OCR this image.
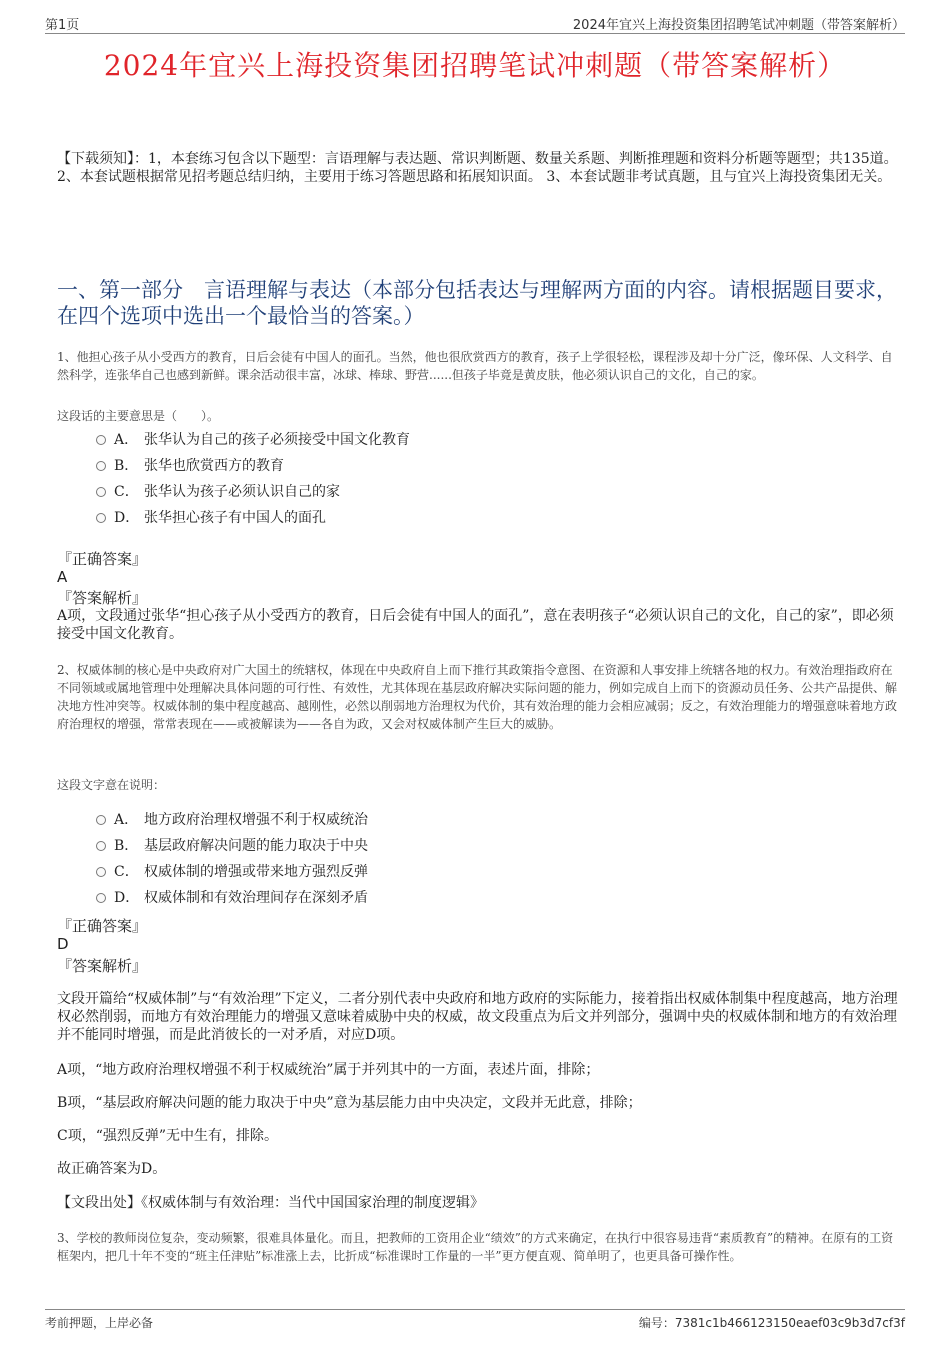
第1页	2024年宜兴上海投资集团招聘笔试冲刺题（带答案解析）
2024年宜兴上海投资集团招聘笔试冲刺题（带答案解析）
【下载须知】：1，本套练习包含以下题型：言语理解与表达题、常识判断题、数量关系题、判断推理题和资料分析题等题型；共135道。 2、本套试题根据常见招考题总结归纳，主要用于练习答题思路和拓展知识面。 3、本套试题非考试真题，且与宜兴上海投资集团无关。
一、第一部分　言语理解与表达（本部分包括表达与理解两方面的内容。请根据题目要求，在四个选项中选出一个最恰当的答案。）
1、他担心孩子从小受西方的教育，日后会徒有中国人的面孔。当然，他也很欣赏西方的教育，孩子上学很轻松，课程涉及却十分广泛，像环保、人文科学、自然科学，连张华自己也感到新鲜。课余活动很丰富，冰球、棒球、野营......但孩子毕竟是黄皮肤，他必须认识自己的文化，自己的家。
这段话的主要意思是（　　）。
A． 张华认为自己的孩子必须接受中国文化教育
B． 张华也欣赏西方的教育
C． 张华认为孩子必须认识自己的家
D． 张华担心孩子有中国人的面孔
『正确答案』
A
『答案解析』
A项，文段通过张华“担心孩子从小受西方的教育，日后会徒有中国人的面孔”，意在表明孩子“必须认识自己的文化，自己的家”，即必须接受中国文化教育。
2、权威体制的核心是中央政府对广大国土的统辖权，体现在中央政府自上而下推行其政策指令意图、在资源和人事安排上统辖各地的权力。有效治理指政府在不同领域或属地管理中处理解决具体问题的可行性、有效性，尤其体现在基层政府解决实际问题的能力，例如完成自上而下的资源动员任务、公共产品提供、解决地方性冲突等。权威体制的集中程度越高、越刚性，必然以削弱地方治理权为代价，其有效治理的能力会相应减弱；反之，有效治理能力的增强意味着地方政府治理权的增强，常常表现在——或被解读为——各自为政，又会对权威体制产生巨大的威胁。
这段文字意在说明：
A． 地方政府治理权增强不利于权威统治
B． 基层政府解决问题的能力取决于中央
C． 权威体制的增强或带来地方强烈反弹
D． 权威体制和有效治理间存在深刻矛盾
『正确答案』
D
『答案解析』
文段开篇给“权威体制”与“有效治理”下定义，二者分别代表中央政府和地方政府的实际能力，接着指出权威体制集中程度越高，地方治理权必然削弱，而地方有效治理能力的增强又意味着威胁中央的权威，故文段重点为后文并列部分，强调中央的权威体制和地方的有效治理并不能同时增强，而是此消彼长的一对矛盾，对应D项。
A项，“地方政府治理权增强不利于权威统治”属于并列其中的一方面，表述片面，排除；
B项，“基层政府解决问题的能力取决于中央”意为基层能力由中央决定，文段并无此意，排除；
C项，“强烈反弹”无中生有，排除。
故正确答案为D。
【文段出处】《权威体制与有效治理：当代中国国家治理的制度逻辑》
3、学校的教师岗位复杂，变动频繁，很难具体量化。而且，把教师的工资用企业“绩效”的方式来确定，在执行中很容易违背“素质教育”的精神。在原有的工资框架内，把几十年不变的“班主任津贴”标准涨上去，比折成“标准课时工作量的一半”更方便直观、简单明了，也更具备可操作性。
考前押题，上岸必备	编号：7381c1b466123150eaef03c9b3d7cf3f
